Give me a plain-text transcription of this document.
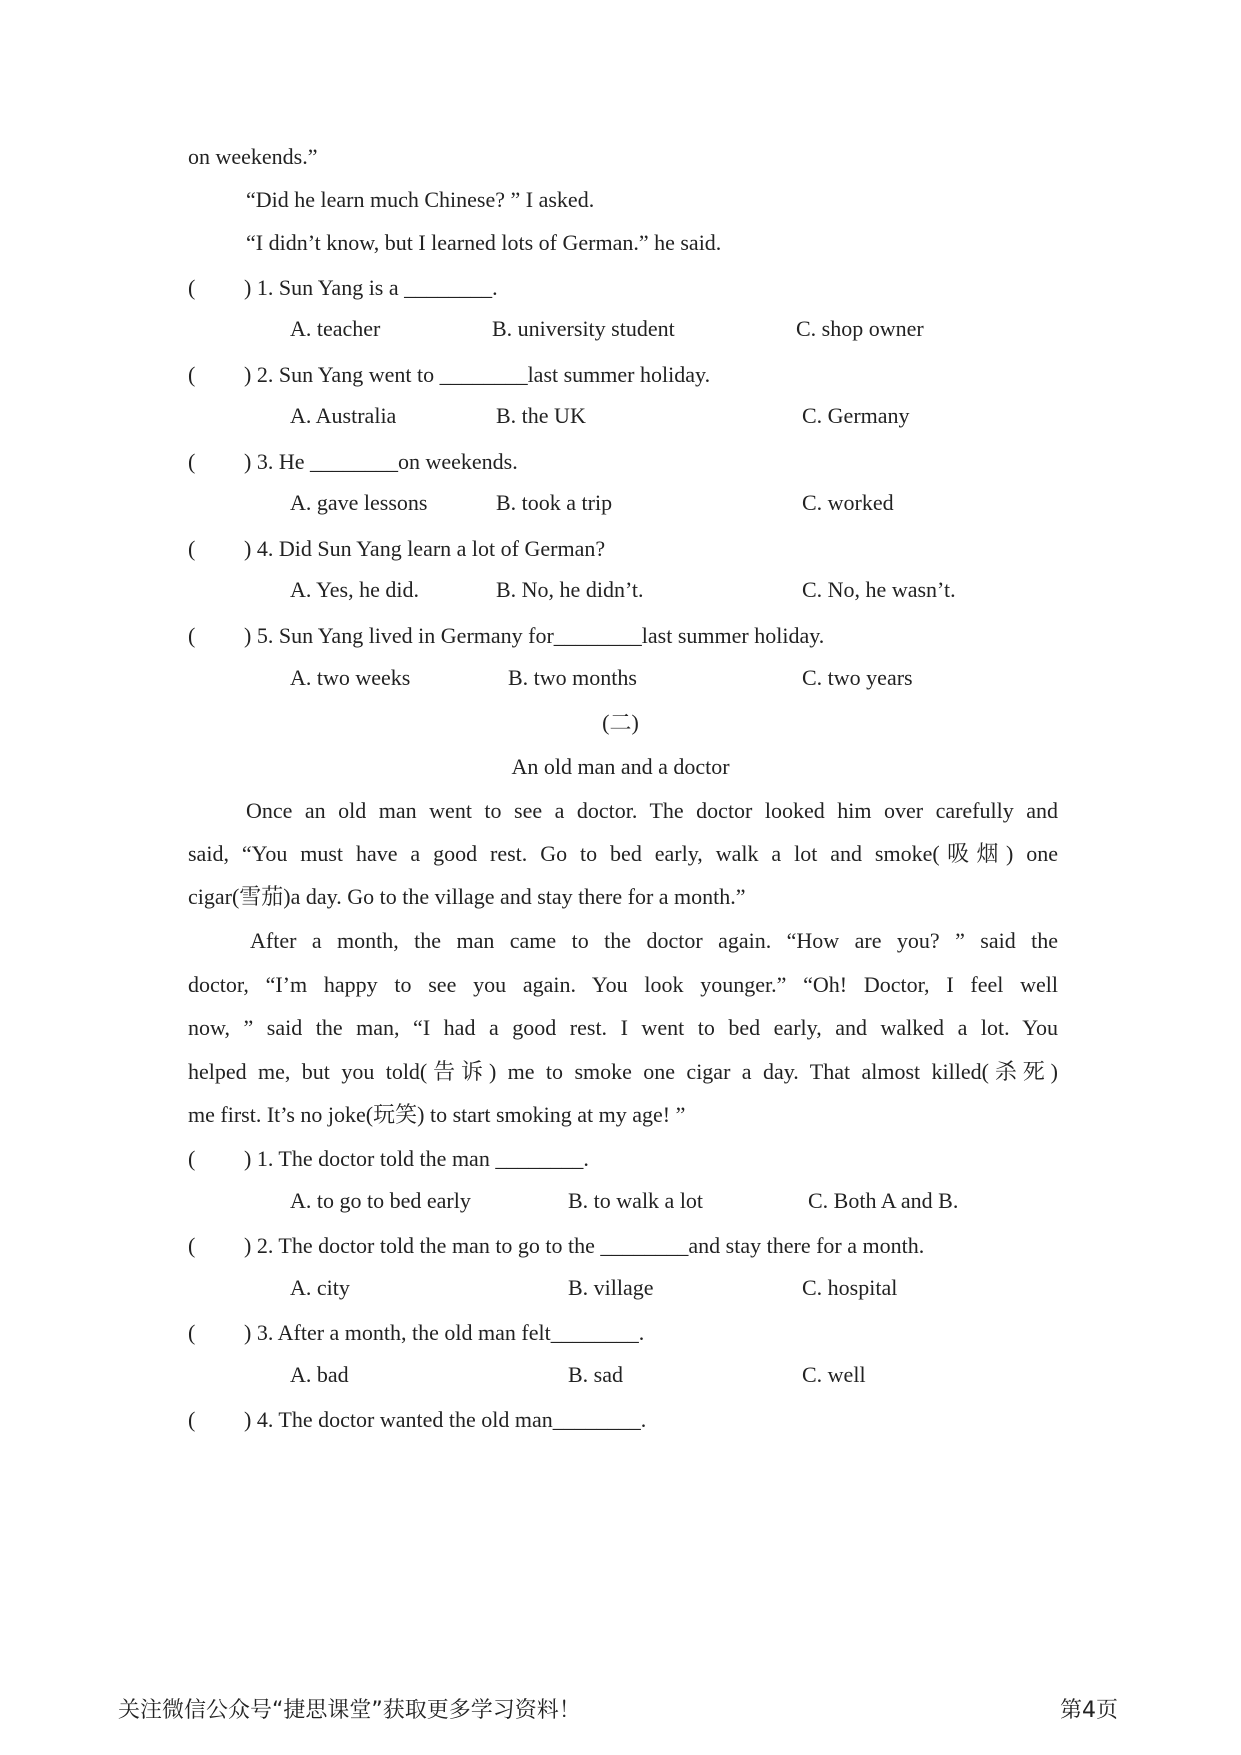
on weekends.”
“Did he learn much Chinese? ” I asked.
“I didn’t know, but I learned lots of German.” he said.
( ) 1. Sun Yang is a ________.
A. teacher	B. university student	C. shop owner
( ) 2. Sun Yang went to ________last summer holiday.
A. Australia	B. the UK	C. Germany
( ) 3. He ________on weekends.
A. gave lessons	B. took a trip	C. worked
( ) 4. Did Sun Yang learn a lot of German?
A. Yes, he did.	B. No, he didn’t.	C. No, he wasn’t.
( ) 5. Sun Yang lived in Germany for________last summer holiday.
A. two weeks	B. two months	C. two years
(二)
An old man and a doctor
Once an old man went to see a doctor. The doctor looked him over carefully and
said, “You must have a good rest. Go to bed early, walk a lot and smoke(吸烟) one
cigar(雪茄)a day. Go to the village and stay there for a month.”
After a month, the man came to the doctor again. “How are you? ” said the
doctor, “I’m happy to see you again. You look younger.” “Oh! Doctor, I feel well
now, ” said the man, “I had a good rest. I went to bed early, and walked a lot. You
helped me, but you told(告诉) me to smoke one cigar a day. That almost killed(杀死)
me first. It’s no joke(玩笑) to start smoking at my age! ”
( ) 1. The doctor told the man ________.
A. to go to bed early	B. to walk a lot	C. Both A and B.
( ) 2. The doctor told the man to go to the ________and stay there for a month.
A. city	B. village	C. hospital
( ) 3. After a month, the old man felt________.
A. bad	B. sad	C. well
( ) 4. The doctor wanted the old man________.
关注微信公众号“捷思课堂”获取更多学习资料！	第4页
